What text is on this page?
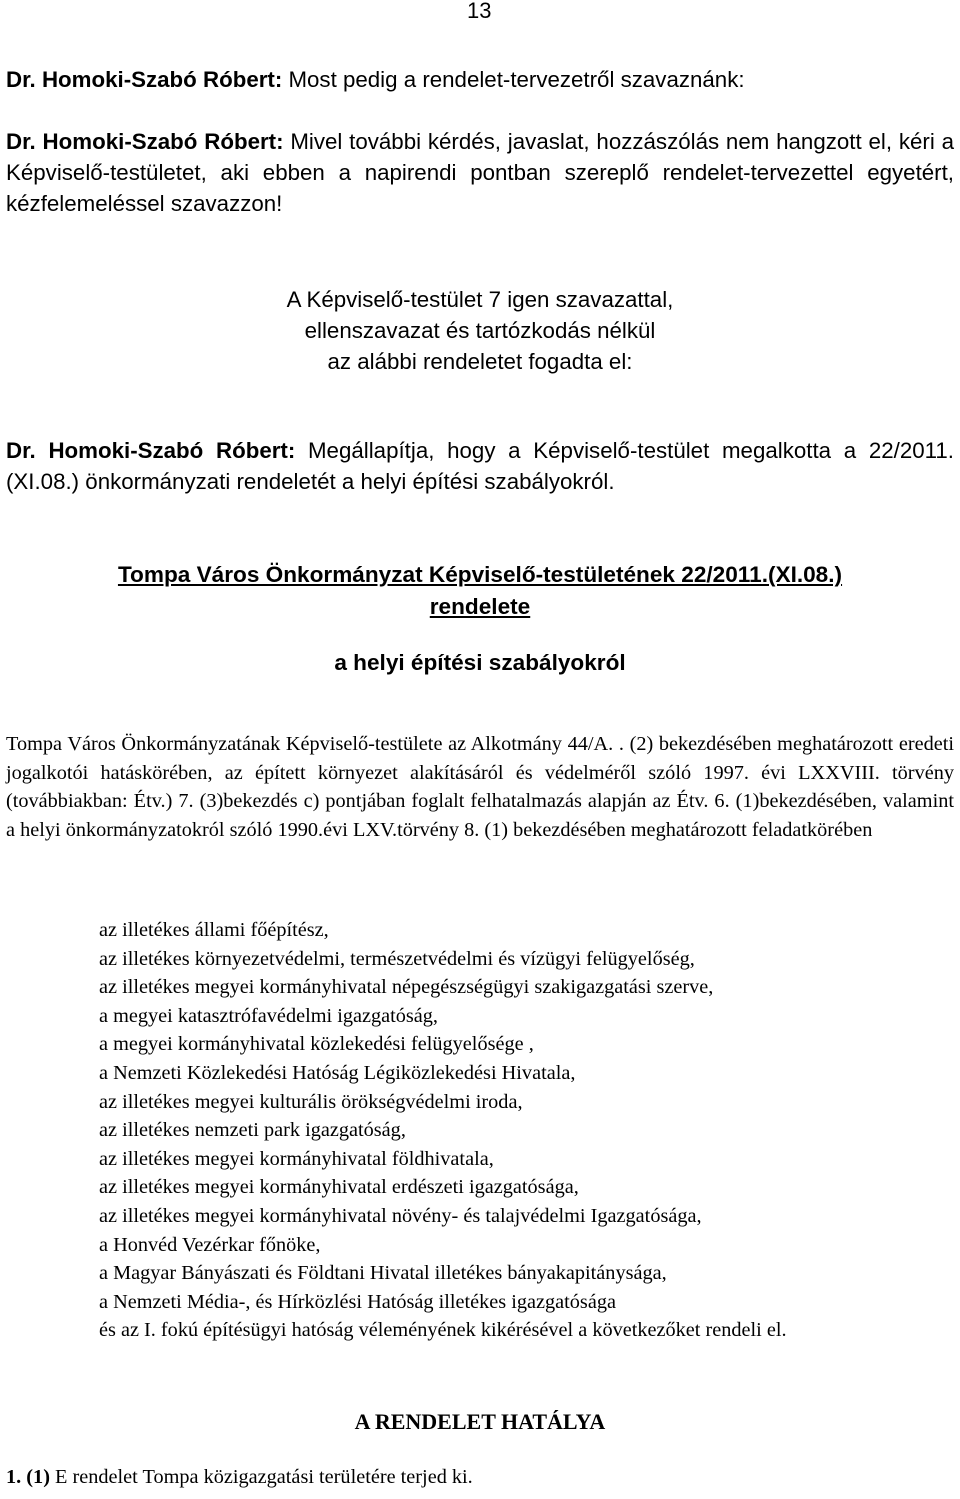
13

Dr. Homoki-Szabó Róbert: Most pedig a rendelet-tervezetről szavaznánk:

Dr. Homoki-Szabó Róbert: Mivel további kérdés, javaslat, hozzászólás nem hangzott el, kéri a Képviselő-testületet, aki ebben a napirendi pontban szereplő rendelet-tervezettel egyetért, kézfelemeléssel szavazzon!

A Képviselő-testület 7 igen szavazattal,
ellenszavazat és tartózkodás nélkül
az alábbi rendeletet fogadta el:

Dr. Homoki-Szabó Róbert: Megállapítja, hogy a Képviselő-testület megalkotta a 22/2011.(XI.08.) önkormányzati rendeletét a helyi építési szabályokról.

Tompa Város Önkormányzat Képviselő-testületének 22/2011.(XI.08.)
rendelete
a helyi építési szabályokról

Tompa Város Önkormányzatának Képviselő-testülete az Alkotmány 44/A. . (2) bekezdésében meghatározott eredeti jogalkotói hatáskörében, az épített környezet alakításáról és védelméről szóló 1997. évi LXXVIII. törvény (továbbiakban: Étv.) 7. (3)bekezdés c) pontjában foglalt felhatalmazás alapján az Étv. 6. (1)bekezdésében, valamint a helyi önkormányzatokról szóló 1990.évi LXV.törvény 8. (1) bekezdésében meghatározott feladatkörében

az illetékes állami főépítész,
az illetékes környezetvédelmi, természetvédelmi és vízügyi felügyelőség,
az illetékes megyei kormányhivatal népegészségügyi szakigazgatási szerve,
a megyei katasztrófavédelmi igazgatóság,
a megyei kormányhivatal közlekedési felügyelősége ,
a Nemzeti Közlekedési Hatóság Légiközlekedési Hivatala,
az illetékes megyei kulturális örökségvédelmi iroda,
az illetékes nemzeti park igazgatóság,
az illetékes megyei kormányhivatal földhivatala,
az illetékes megyei kormányhivatal erdészeti igazgatósága,
az illetékes megyei kormányhivatal növény- és talajvédelmi Igazgatósága,
a Honvéd Vezérkar főnöke,
a Magyar Bányászati és Földtani Hivatal illetékes bányakapitánysága,
a Nemzeti Média-, és Hírközlési Hatóság illetékes igazgatósága
és az I. fokú építésügyi hatóság véleményének kikérésével a következőket rendeli el.
A RENDELET HATÁLYA
1. (1) E rendelet Tompa közigazgatási területére terjed ki.
